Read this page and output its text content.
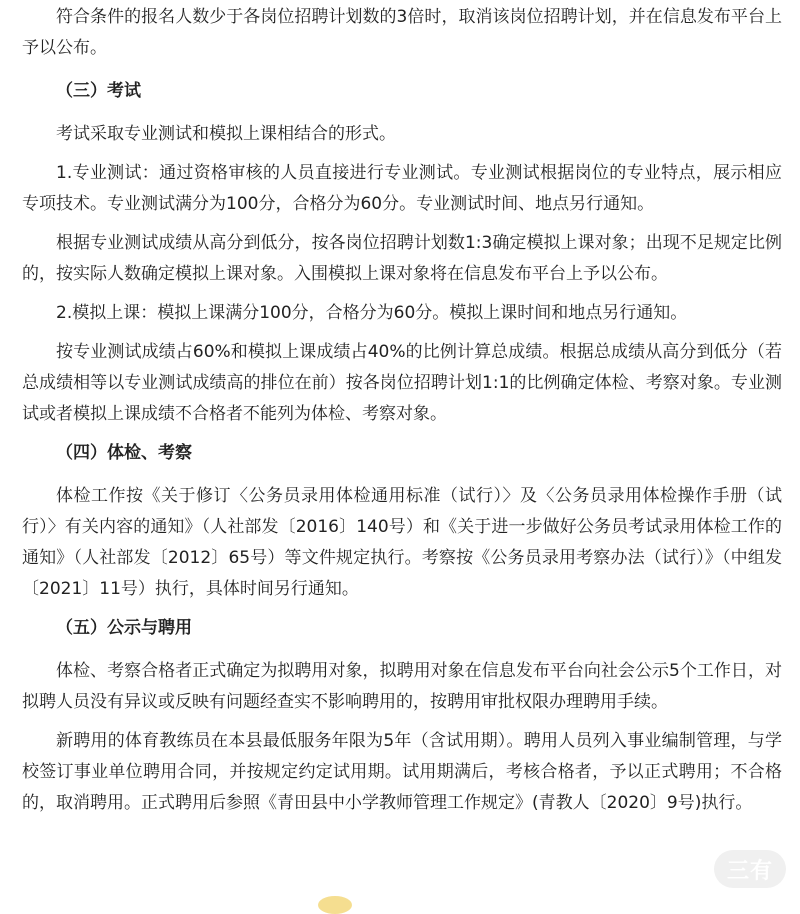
符合条件的报名人数少于各岗位招聘计划数的3倍时，取消该岗位招聘计划，并在信息发布平台上予以公布。

（三）考试

考试采取专业测试和模拟上课相结合的形式。

1.专业测试：通过资格审核的人员直接进行专业测试。专业测试根据岗位的专业特点，展示相应专项技术。专业测试满分为100分，合格分为60分。专业测试时间、地点另行通知。

根据专业测试成绩从高分到低分，按各岗位招聘计划数1:3确定模拟上课对象；出现不足规定比例的，按实际人数确定模拟上课对象。入围模拟上课对象将在信息发布平台上予以公布。

2.模拟上课：模拟上课满分100分，合格分为60分。模拟上课时间和地点另行通知。

按专业测试成绩占60%和模拟上课成绩占40%的比例计算总成绩。根据总成绩从高分到低分（若总成绩相等以专业测试成绩高的排位在前）按各岗位招聘计划1:1的比例确定体检、考察对象。专业测试或者模拟上课成绩不合格者不能列为体检、考察对象。

（四）体检、考察

体检工作按《关于修订〈公务员录用体检通用标准（试行）〉及〈公务员录用体检操作手册（试行）〉有关内容的通知》（人社部发〔2016〕140号）和《关于进一步做好公务员考试录用体检工作的通知》（人社部发〔2012〕65号）等文件规定执行。考察按《公务员录用考察办法（试行）》（中组发〔2021〕11号）执行，具体时间另行通知。

（五）公示与聘用

体检、考察合格者正式确定为拟聘用对象，拟聘用对象在信息发布平台向社会公示5个工作日，对拟聘人员没有异议或反映有问题经查实不影响聘用的，按聘用审批权限办理聘用手续。

新聘用的体育教练员在本县最低服务年限为5年（含试用期）。聘用人员列入事业编制管理，与学校签订事业单位聘用合同，并按规定约定试用期。试用期满后，考核合格者，予以正式聘用；不合格的，取消聘用。正式聘用后参照《青田县中小学教师管理工作规定》(青教人〔2020〕9号)执行。

三有
